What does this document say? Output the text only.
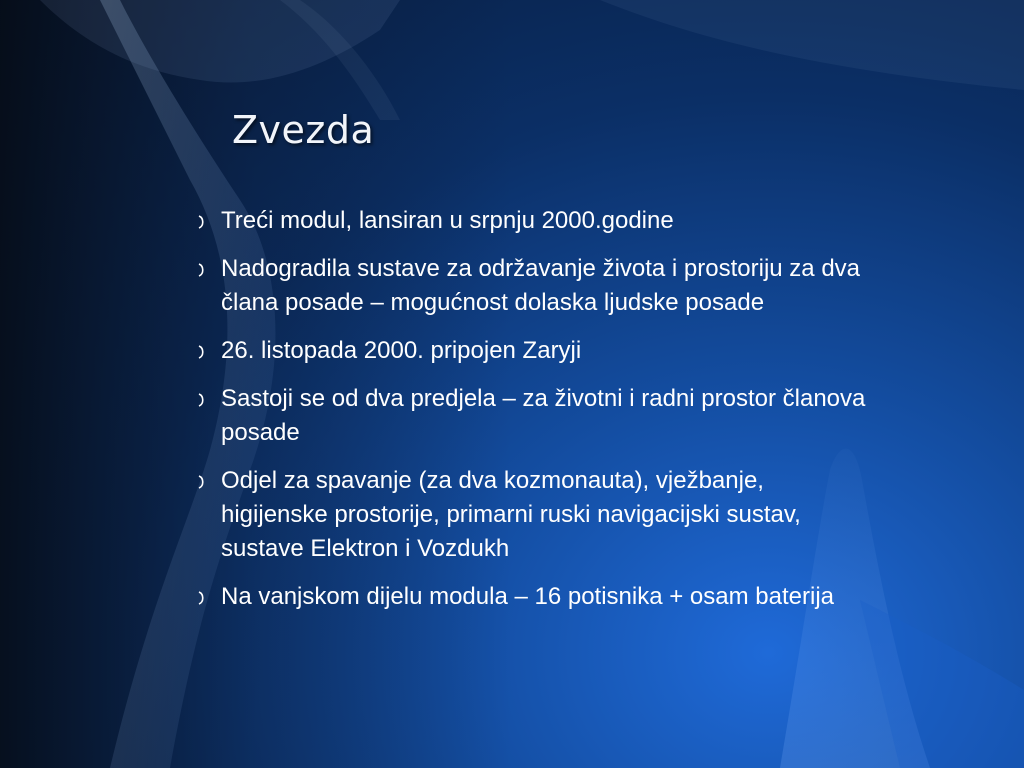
Zvezda
Treći modul, lansiran u srpnju 2000.godine
Nadogradila sustave za održavanje života i prostoriju za dva člana posade – mogućnost dolaska ljudske posade
26. listopada 2000. pripojen Zaryji
Sastoji se od dva predjela – za životni i radni prostor članova posade
Odjel za spavanje (za dva kozmonauta), vježbanje, higijenske prostorije, primarni ruski navigacijski sustav, sustave Elektron i Vozdukh
Na vanjskom dijelu modula – 16 potisnika + osam baterija
